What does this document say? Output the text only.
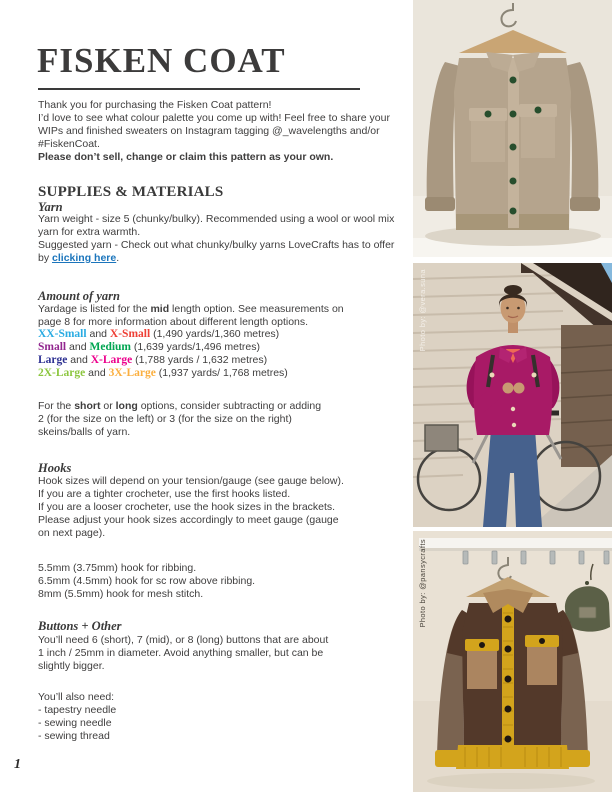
FISKEN COAT
Thank you for purchasing the Fisken Coat pattern!
I’d love to see what colour palette you come up with! Feel free to share your
WIPs and finished sweaters on Instagram tagging @_wavelengths and/or
#FiskenCoat.
Please don’t sell, change or claim this pattern as your own.
SUPPLIES & MATERIALS
Yarn
Yarn weight - size 5 (chunky/bulky). Recommended using a wool or wool mix
yarn for extra warmth.
Suggested yarn - Check out what chunky/bulky yarns LoveCrafts has to offer
by clicking here.
Amount of yarn
Yardage is listed for the mid length option. See measurements on
page 8 for more information about different length options.
XX-Small and X-Small (1,490 yards/1,360 metres)
Small and Medium (1,639 yards/1,496 metres)
Large and X-Large (1,788 yards / 1,632 metres)
2X-Large and 3X-Large (1,937 yards/ 1,768 metres)
For the short or long options, consider subtracting or adding
2 (for the size on the left) or 3 (for the size on the right)
skeins/balls of yarn.
Hooks
Hook sizes will depend on your tension/gauge (see gauge below).
If you are a tighter crocheter, use the first hooks listed.
If you are a looser crocheter, use the hook sizes in the brackets.
Please adjust your hook sizes accordingly to meet gauge (gauge
on next page).
5.5mm (3.75mm) hook for ribbing.
6.5mm (4.5mm) hook for sc row above ribbing.
8mm (5.5mm) hook for mesh stitch.
Buttons + Other
You’ll need 6 (short), 7 (mid), or 8 (long) buttons that are about
1 inch / 25mm in diameter. Avoid anything smaller, but can be
slightly bigger.
You’ll also need:
- tapestry needle
- sewing needle
- sewing thread
1
Photo by: @vera.suna
Photo by: @pansycrafts
